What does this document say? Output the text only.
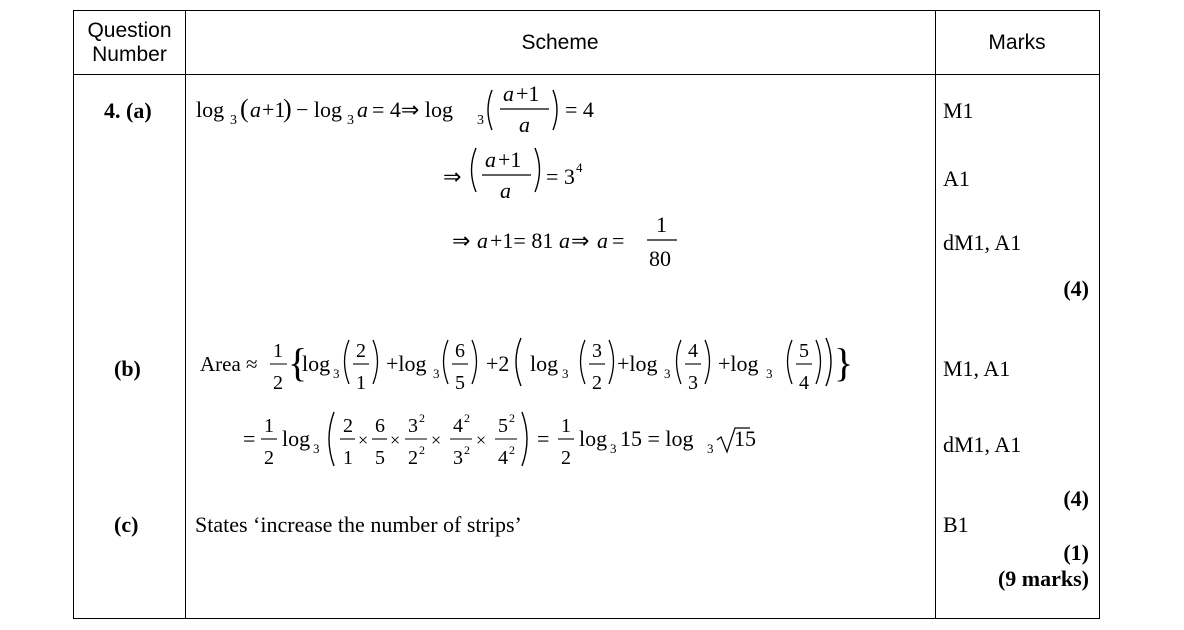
Question Number
Scheme	Marks
4. (a)
(b)
(c)
M1
A1
dM1, A1
(4)
M1, A1
dM1, A1
(4)
B1
(1)
(9 marks)
States ‘increase the number of strips’
log 3 ( a +1
) − log 3 a = 4⇒ log 3
a +1
a
= 4
⇒
a +1
a
= 3 4
⇒ a +1= 81 a ⇒ a =
1
80
Area ≈
1
2 {
log 3
2
1
+log 3
6
5
+2 log 3
3
2
+log 3
4
3
+log 3
5
4 }
= 1
2
log 3
2
1
×
6
5
×
3 2
2 2 ×
4 2
3 2 ×
5 2
4 2 = 1
2
log 3 15 = log 3 15
